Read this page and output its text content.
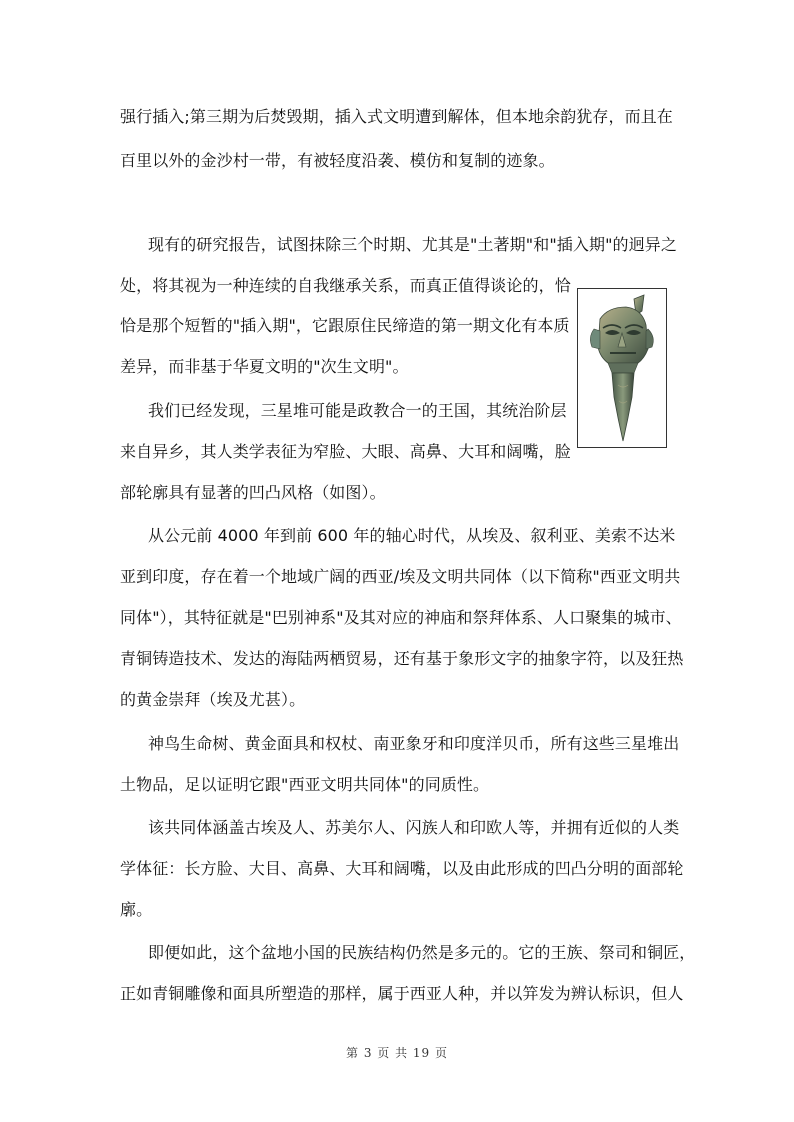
强行插入;第三期为后焚毁期，插入式文明遭到解体，但本地余韵犹存，而且在
百里以外的金沙村一带，有被轻度沿袭、模仿和复制的迹象。
现有的研究报告，试图抹除三个时期、尤其是"土著期"和"插入期"的迥异之
处，将其视为一种连续的自我继承关系，而真正值得谈论的，恰
恰是那个短暂的"插入期"，它跟原住民缔造的第一期文化有本质
差异，而非基于华夏文明的"次生文明"。
我们已经发现，三星堆可能是政教合一的王国，其统治阶层
来自异乡，其人类学表征为窄脸、大眼、高鼻、大耳和阔嘴，脸
部轮廓具有显著的凹凸风格（如图）。
从公元前 4000 年到前 600 年的轴心时代，从埃及、叙利亚、美索不达米
亚到印度，存在着一个地域广阔的西亚/埃及文明共同体（以下简称"西亚文明共
同体"），其特征就是"巴别神系"及其对应的神庙和祭拜体系、人口聚集的城市、
青铜铸造技术、发达的海陆两栖贸易，还有基于象形文字的抽象字符，以及狂热
的黄金崇拜（埃及尤甚）。
神鸟生命树、黄金面具和权杖、南亚象牙和印度洋贝币，所有这些三星堆出
土物品，足以证明它跟"西亚文明共同体"的同质性。
该共同体涵盖古埃及人、苏美尔人、闪族人和印欧人等，并拥有近似的人类
学体征：长方脸、大目、高鼻、大耳和阔嘴，以及由此形成的凹凸分明的面部轮
廓。
即便如此，这个盆地小国的民族结构仍然是多元的。它的王族、祭司和铜匠，
正如青铜雕像和面具所塑造的那样，属于西亚人种，并以笄发为辨认标识，但人
第 3 页 共 19 页
